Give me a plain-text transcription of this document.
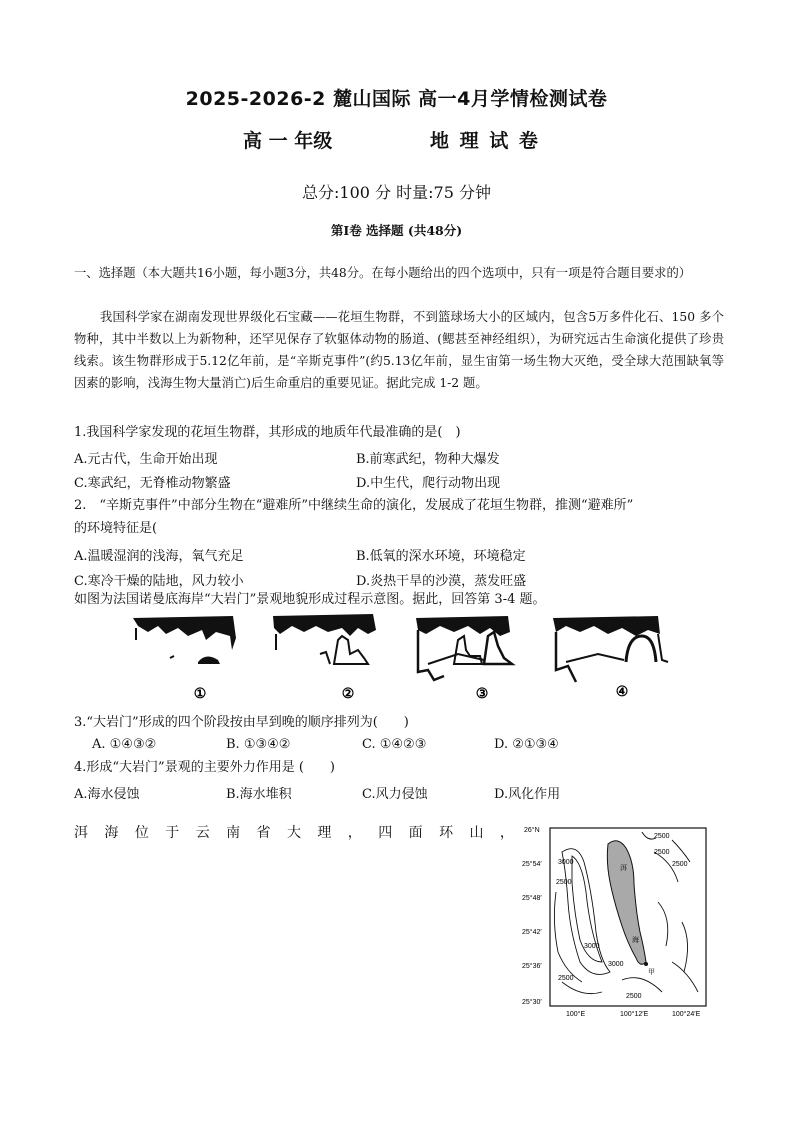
2025-2026-2 麓山国际 高一4月学情检测试卷
高 一 年级	地 理 试 卷
总分:100 分 时量:75 分钟
第Ⅰ卷 选择题 (共48分)
一、选择题（本大题共16小题，每小题3分，共48分。在每小题给出的四个选项中，只有一项是符合题目要求的）
我国科学家在湖南发现世界级化石宝藏——花垣生物群，不到篮球场大小的区域内，包含5万多件化石、150 多个物种，其中半数以上为新物种，还罕见保存了软躯体动物的肠道、(鳃甚至神经组织），为研究远古生命演化提供了珍贵线索。该生物群形成于5.12亿年前，是“辛斯克事件”(约5.13亿年前，显生宙第一场生物大灭绝，受全球大范围缺氧等因素的影响，浅海生物大量消亡)后生命重启的重要见证。据此完成 1-2 题。
1.我国科学家发现的花垣生物群，其形成的地质年代最准确的是(　)
A.元古代，生命开始出现	B.前寒武纪，物种大爆发
C.寒武纪，无脊椎动物繁盛	D.中生代，爬行动物出现
2.　“辛斯克事件”中部分生物在“避难所”中继续生命的演化，发展成了花垣生物群，推测“避难所”
的环境特征是(
A.温暖湿润的浅海，氧气充足	B.低氧的深水环境，环境稳定
C.寒冷干燥的陆地，风力较小	D.炎热干旱的沙漠，蒸发旺盛
如图为法国诺曼底海岸“大岩门”景观地貌形成过程示意图。据此，回答第 3-4 题。
①	②	③	④
3.“大岩门”形成的四个阶段按由早到晚的顺序排列为(　　)
A. ①④③②	B. ①③④②	C. ①④②③	D. ②①③④
4.形成“大岩门”景观的主要外力作用是 (　　)
A.海水侵蚀	B.海水堆积	C.风力侵蚀	D.风化作用
洱 海 位 于 云 南 省 大 理 ， 四 面 环 山 ， 26°N
25°54′
25°48′
25°42′
25°36′
25°30′
100°E	100°12′E	100°24′E
洱
海
3000
2500
2500
3000
3000
2500
2500
2500
2500
甲
